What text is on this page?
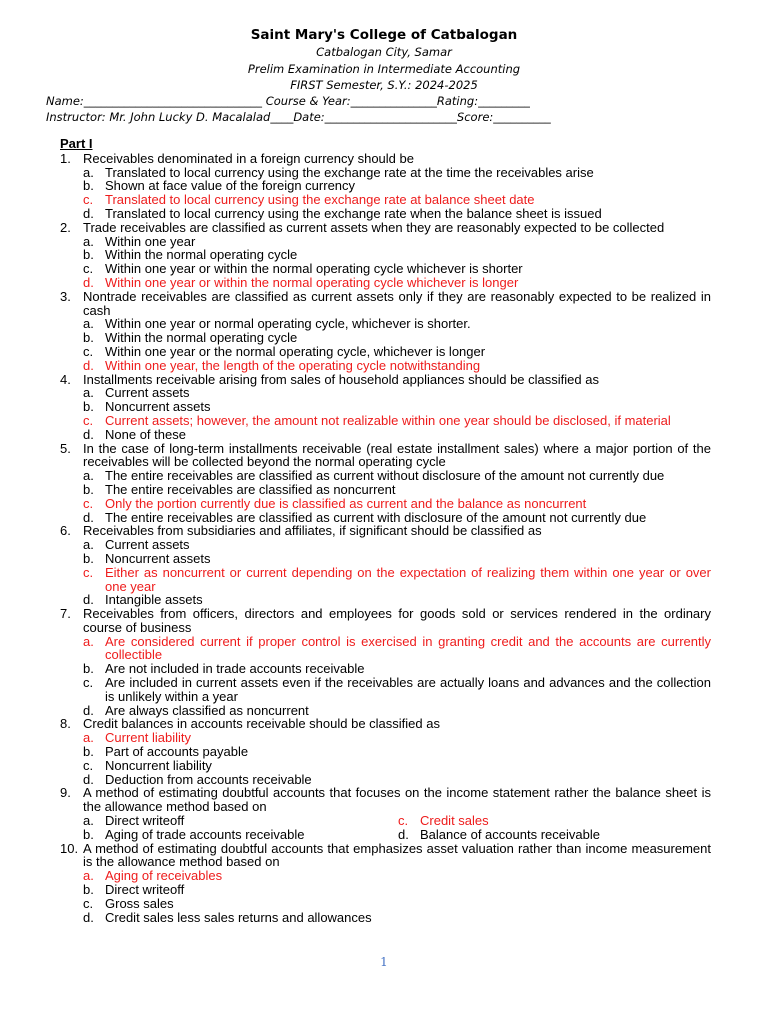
Saint Mary's College of Catbalogan
Catbalogan City, Samar
Prelim Examination in Intermediate Accounting
FIRST Semester, S.Y.: 2024-2025
Name:_______________________________ Course & Year:_______________Rating:_________
Instructor: Mr. John Lucky D. Macalalad____Date:_______________________Score:__________
Part I
1. Receivables denominated in a foreign currency should be
a. Translated to local currency using the exchange rate at the time the receivables arise
b. Shown at face value of the foreign currency
c. Translated to local currency using the exchange rate at balance sheet date
d. Translated to local currency using the exchange rate when the balance sheet is issued
2. Trade receivables are classified as current assets when they are reasonably expected to be collected
a. Within one year
b. Within the normal operating cycle
c. Within one year or within the normal operating cycle whichever is shorter
d. Within one year or within the normal operating cycle whichever is longer
3. Nontrade receivables are classified as current assets only if they are reasonably expected to be realized in cash
a. Within one year or normal operating cycle, whichever is shorter.
b. Within the normal operating cycle
c. Within one year or the normal operating cycle, whichever is longer
d. Within one year, the length of the operating cycle notwithstanding
4. Installments receivable arising from sales of household appliances should be classified as
a. Current assets
b. Noncurrent assets
c. Current assets; however, the amount not realizable within one year should be disclosed, if material
d. None of these
5. In the case of long-term installments receivable (real estate installment sales) where a major portion of the receivables will be collected beyond the normal operating cycle
a. The entire receivables are classified as current without disclosure of the amount not currently due
b. The entire receivables are classified as noncurrent
c. Only the portion currently due is classified as current and the balance as noncurrent
d. The entire receivables are classified as current with disclosure of the amount not currently due
6. Receivables from subsidiaries and affiliates, if significant should be classified as
a. Current assets
b. Noncurrent assets
c. Either as noncurrent or current depending on the expectation of realizing them within one year or over one year
d. Intangible assets
7. Receivables from officers, directors and employees for goods sold or services rendered in the ordinary course of business
a. Are considered current if proper control is exercised in granting credit and the accounts are currently collectible
b. Are not included in trade accounts receivable
c. Are included in current assets even if the receivables are actually loans and advances and the collection is unlikely within a year
d. Are always classified as noncurrent
8. Credit balances in accounts receivable should be classified as
a. Current liability
b. Part of accounts payable
c. Noncurrent liability
d. Deduction from accounts receivable
9. A method of estimating doubtful accounts that focuses on the income statement rather the balance sheet is the allowance method based on
a. Direct writeoff	c. Credit sales
b. Aging of trade accounts receivable	d. Balance of accounts receivable
10. A method of estimating doubtful accounts that emphasizes asset valuation rather than income measurement is the allowance method based on
a. Aging of receivables
b. Direct writeoff
c. Gross sales
d. Credit sales less sales returns and allowances
1
